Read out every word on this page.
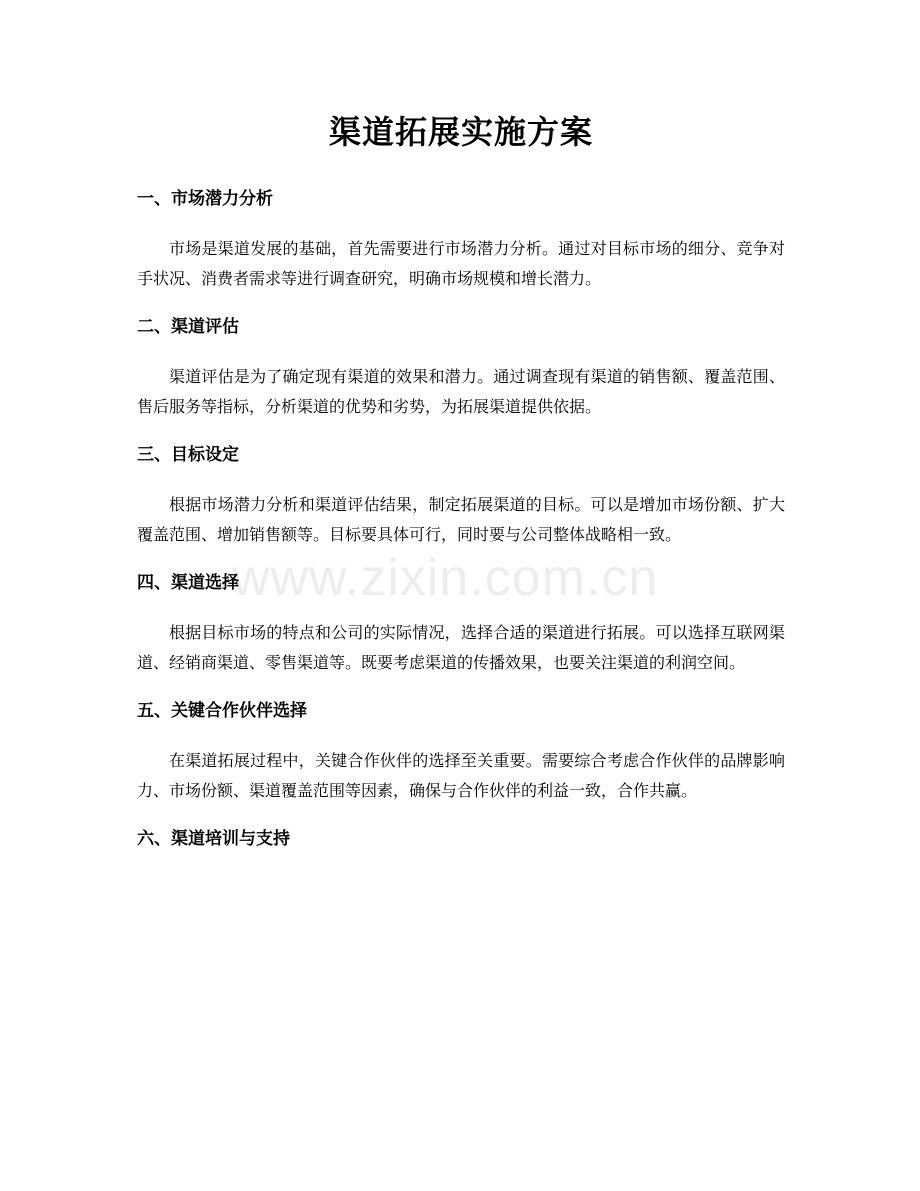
渠道拓展实施方案
一、市场潜力分析

市场是渠道发展的基础，首先需要进行市场潜力分析。通过对目标市场的细分、竞争对手状况、消费者需求等进行调查研究，明确市场规模和增长潜力。

二、渠道评估

渠道评估是为了确定现有渠道的效果和潜力。通过调查现有渠道的销售额、覆盖范围、售后服务等指标，分析渠道的优势和劣势，为拓展渠道提供依据。

三、目标设定

根据市场潜力分析和渠道评估结果，制定拓展渠道的目标。可以是增加市场份额、扩大覆盖范围、增加销售额等。目标要具体可行，同时要与公司整体战略相一致。

四、渠道选择

根据目标市场的特点和公司的实际情况，选择合适的渠道进行拓展。可以选择互联网渠道、经销商渠道、零售渠道等。既要考虑渠道的传播效果，也要关注渠道的利润空间。

五、关键合作伙伴选择

在渠道拓展过程中，关键合作伙伴的选择至关重要。需要综合考虑合作伙伴的品牌影响力、市场份额、渠道覆盖范围等因素，确保与合作伙伴的利益一致，合作共赢。

六、渠道培训与支持
www.zixin.com.cn
